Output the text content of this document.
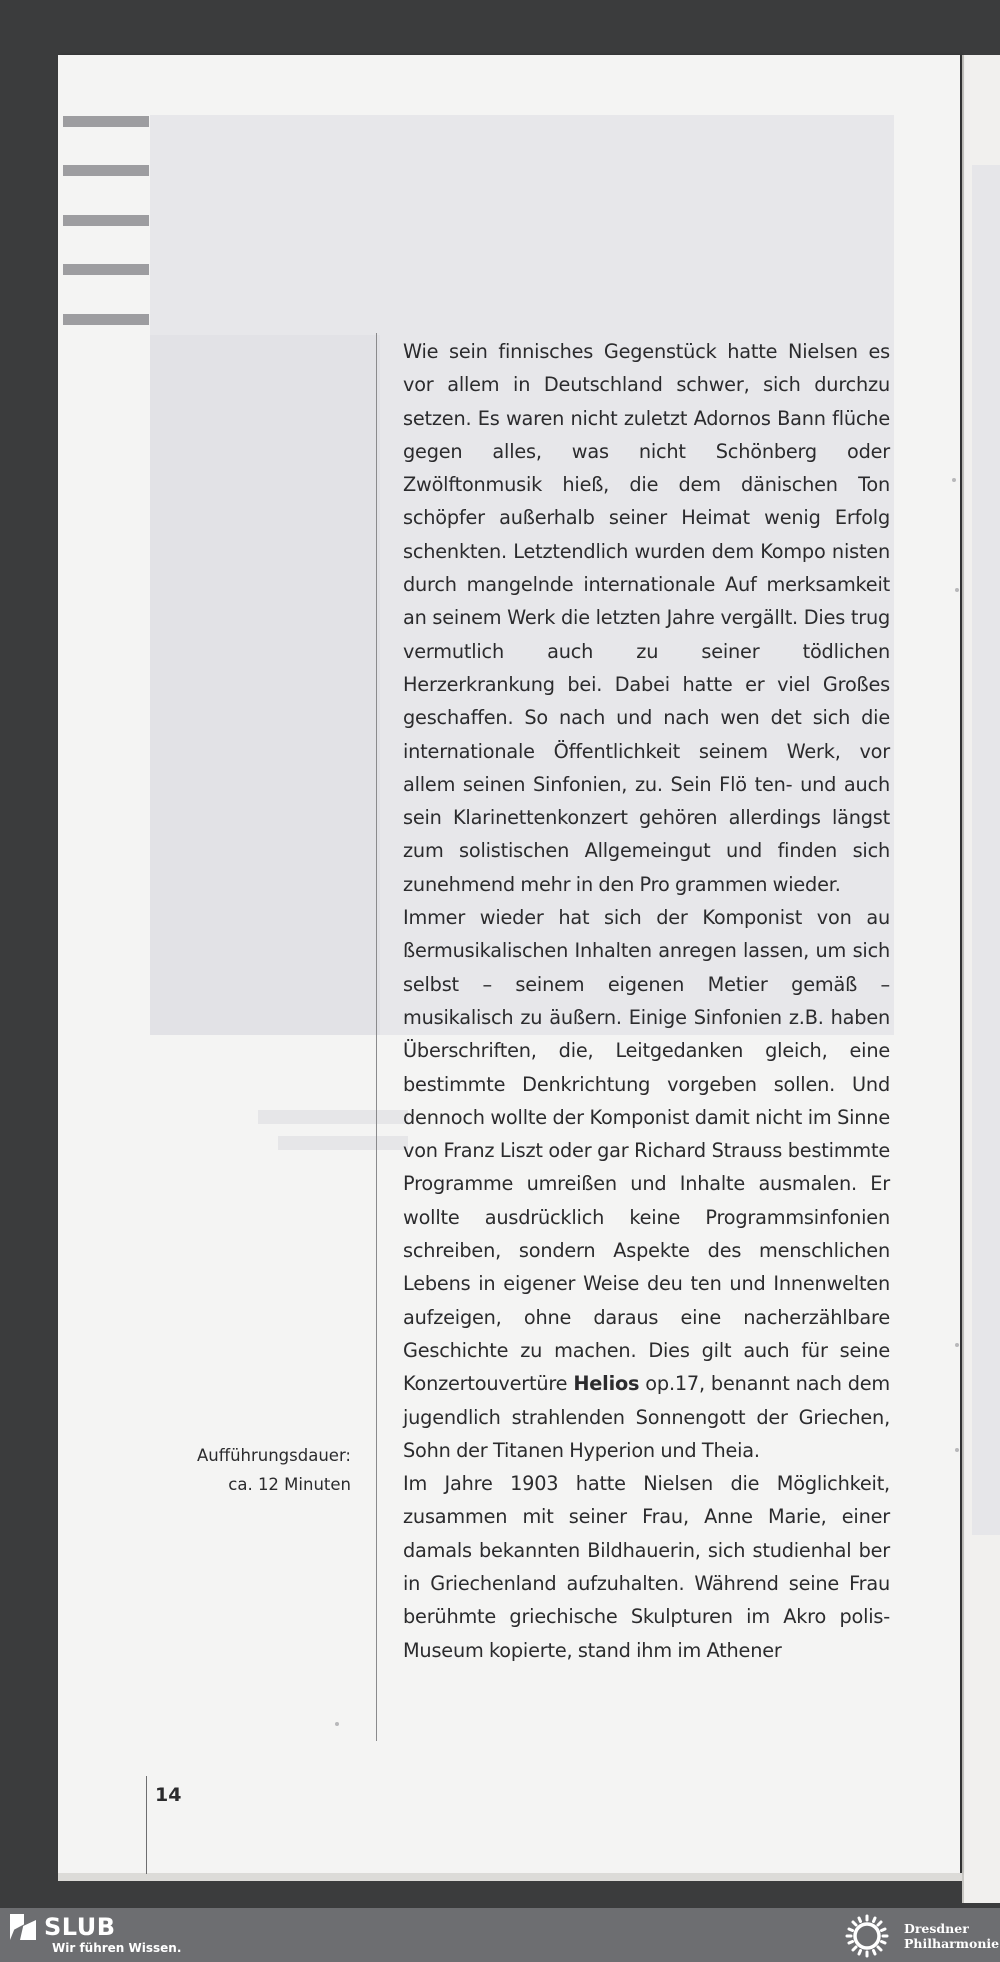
Wie sein finnisches Gegenstück hatte Nielsen es vor allem in Deutschland schwer, sich durchzu setzen. Es waren nicht zuletzt Adornos Bann flüche gegen alles, was nicht Schönberg oder Zwölftonmusik hieß, die dem dänischen Ton schöpfer außerhalb seiner Heimat wenig Erfolg schenkten. Letztendlich wurden dem Kompo nisten durch mangelnde internationale Auf merksamkeit an seinem Werk die letzten Jahre vergällt. Dies trug vermutlich auch zu seiner tödlichen Herzerkrankung bei. Dabei hatte er viel Großes geschaffen. So nach und nach wen det sich die internationale Öffentlichkeit seinem Werk, vor allem seinen Sinfonien, zu. Sein Flö ten- und auch sein Klarinettenkonzert gehören allerdings längst zum solistischen Allgemeingut und finden sich zunehmend mehr in den Pro grammen wieder.

Immer wieder hat sich der Komponist von au ßermusikalischen Inhalten anregen lassen, um sich selbst – seinem eigenen Metier gemäß – musikalisch zu äußern. Einige Sinfonien z.B. haben Überschriften, die, Leitgedanken gleich, eine bestimmte Denkrichtung vorgeben sollen. Und dennoch wollte der Komponist damit nicht im Sinne von Franz Liszt oder gar Richard Strauss bestimmte Programme umreißen und Inhalte ausmalen. Er wollte ausdrücklich keine Programmsinfonien schreiben, sondern Aspekte des menschlichen Lebens in eigener Weise deu ten und Innenwelten aufzeigen, ohne daraus eine nacherzählbare Geschichte zu machen. Dies gilt auch für seine Konzertouvertüre Helios op.17, benannt nach dem jugendlich strahlenden Sonnengott der Griechen, Sohn der Titanen Hyperion und Theia.

Im Jahre 1903 hatte Nielsen die Möglichkeit, zusammen mit seiner Frau, Anne Marie, einer damals bekannten Bildhauerin, sich studienhal ber in Griechenland aufzuhalten. Während seine Frau berühmte griechische Skulpturen im Akro polis-Museum kopierte, stand ihm im Athener

Aufführungsdauer:
ca. 12 Minuten
14
SLUB
Wir führen Wissen.
Dresdner
Philharmonie
